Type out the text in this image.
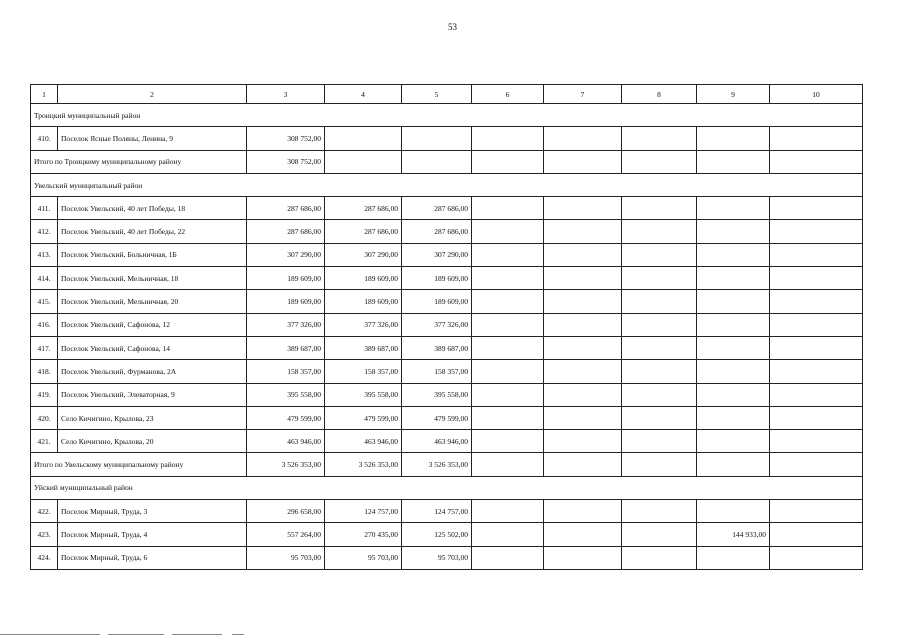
53
1	2	3	4	5	6	7	8	9	10
Троицкий муниципальный район									
410.	Поселок Ясные Поляны, Ленина, 9	308 752,00							
Итого по Троицкому муниципальному району		308 752,00							
Увельский муниципальный район									
411.	Поселок Увельский, 40 лет Победы, 18	287 686,00	287 686,00	287 686,00					
412.	Поселок Увельский, 40 лет Победы, 22	287 686,00	287 686,00	287 686,00					
413.	Поселок Увельский, Больничная, 1Б	307 290,00	307 290,00	307 290,00					
414.	Поселок Увельский, Мельничная, 18	189 609,00	189 609,00	189 609,00					
415.	Поселок Увельский, Мельничная, 20	189 609,00	189 609,00	189 609,00					
416.	Поселок Увельский, Сафонова, 12	377 326,00	377 326,00	377 326,00					
417.	Поселок Увельский, Сафонова, 14	389 687,00	389 687,00	389 687,00					
418.	Поселок Увельский, Фурманова, 2А	158 357,00	158 357,00	158 357,00					
419.	Поселок Увельский, Элеваторная, 9	395 558,00	395 558,00	395 558,00					
420.	Село Кичигино, Крылова, 23	479 599,00	479 599,00	479 599,00					
421.	Село Кичигино, Крылова, 20	463 946,00	463 946,00	463 946,00					
Итого по Увельскому муниципальному району		3 526 353,00	3 526 353,00	3 526 353,00					
Уйский муниципальный район									
422.	Поселок Мирный, Труда, 3	296 658,00	124 757,00	124 757,00					
423.	Поселок Мирный, Труда, 4	557 264,00	270 435,00	125 502,00				144 933,00	
424.	Поселок Мирный, Труда, 6	95 703,00	95 703,00	95 703,00					
